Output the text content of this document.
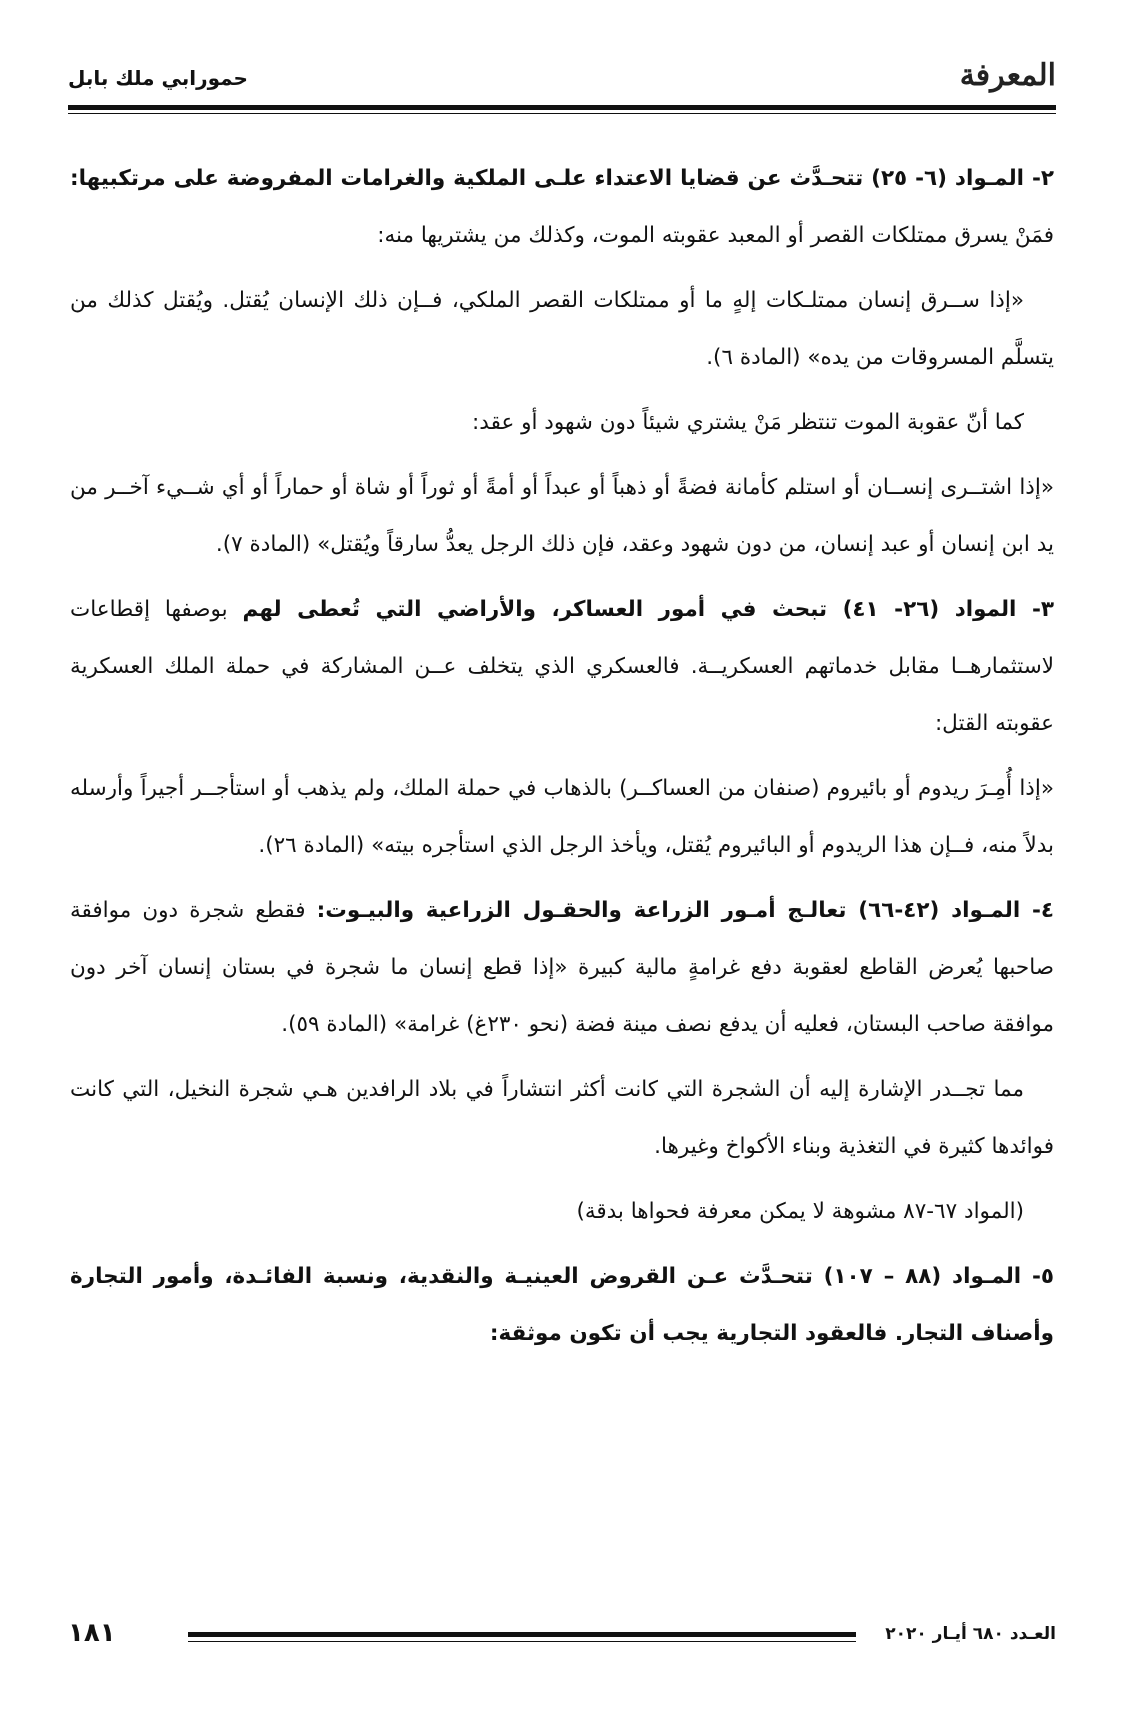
المعرفة
حمورابي ملك بابل

٢- المـواد (٦- ٢٥) تتحـدَّث عن قضايا الاعتداء علـى الملكية والغرامات المفروضة على مرتكبيها: فمَنْ يسرق ممتلكات القصر أو المعبد عقوبته الموت، وكذلك من يشتريها منه:

«إذا ســرق إنسان ممتلـكات إلهٍ ما أو ممتلكات القصر الملكي، فــإن ذلك الإنسان يُقتل. ويُقتل كذلك من يتسلَّم المسروقات من يده» (المادة ٦).

كما أنّ عقوبة الموت تنتظر مَنْ يشتري شيئاً دون شهود أو عقد:

«إذا اشتــرى إنســان أو استلم كأمانة فضةً أو ذهباً أو عبداً أو أمةً أو ثوراً أو شاة أو حماراً أو أي شــيء آخــر من يد ابن إنسان أو عبد إنسان، من دون شهود وعقد، فإن ذلك الرجل يعدُّ سارقاً ويُقتل» (المادة ٧).

٣- المواد (٢٦- ٤١) تبحث في أمور العساكر، والأراضي التي تُعطى لهم بوصفها إقطاعات لاستثمارهــا مقابل خدماتهم العسكريــة. فالعسكري الذي يتخلف عــن المشاركة في حملة الملك العسكرية عقوبته القتل:

«إذا أُمِـرَ ريدوم أو بائيروم (صنفان من العساكــر) بالذهاب في حملة الملك، ولم يذهب أو استأجــر أجيراً وأرسله بدلاً منه، فــإن هذا الريدوم أو البائيروم يُقتل، ويأخذ الرجل الذي استأجره بيته» (المادة ٢٦).

٤- المـواد (٤٢-٦٦) تعالـج أمـور الزراعة والحقـول الزراعية والبيـوت: فقطع شجرة دون موافقة صاحبها يُعرض القاطع لعقوبة دفع غرامةٍ مالية كبيرة «إذا قطع إنسان ما شجرة في بستان إنسان آخر دون موافقة صاحب البستان، فعليه أن يدفع نصف مينة فضة (نحو ٢٣٠غ) غرامة» (المادة ٥٩).

مما تجــدر الإشارة إليه أن الشجرة التي كانت أكثر انتشاراً في بلاد الرافدين هـي شجرة النخيل، التي كانت فوائدها كثيرة في التغذية وبناء الأكواخ وغيرها.

(المواد ٦٧-٨٧ مشوهة لا يمكن معرفة فحواها بدقة)

٥- المـواد (٨٨ – ١٠٧) تتحـدَّث عـن القروض العينيـة والنقدية، ونسبة الفائـدة، وأمور التجارة وأصناف التجار. فالعقود التجارية يجب أن تكون موثقة:

١٨١	العـدد ٦٨٠ أيـار ٢٠٢٠
